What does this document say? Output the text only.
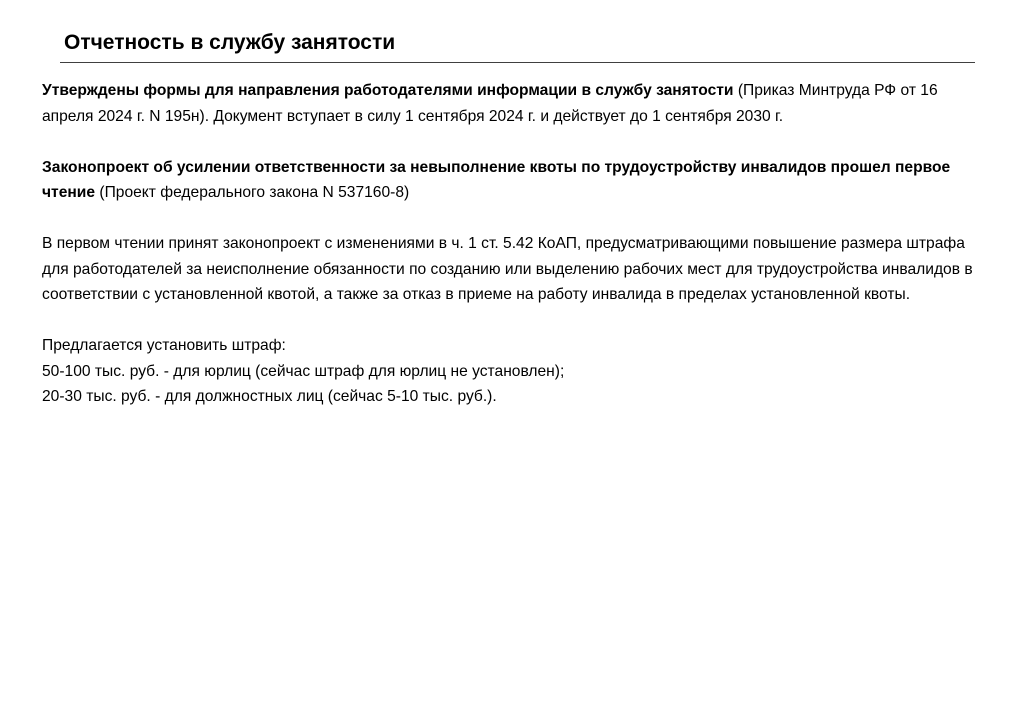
Отчетность в службу занятости

Утверждены формы для направления работодателями информации в службу занятости (Приказ Минтруда РФ от 16 апреля 2024 г. N 195н). Документ вступает в силу 1 сентября 2024 г. и действует до 1 сентября 2030 г.

Законопроект об усилении ответственности за невыполнение квоты по трудоустройству инвалидов прошел первое чтение (Проект федерального закона N 537160-8)

В первом чтении принят законопроект с изменениями в ч. 1 ст. 5.42 КоАП, предусматривающими повышение размера штрафа для работодателей за неисполнение обязанности по созданию или выделению рабочих мест для трудоустройства инвалидов в соответствии с установленной квотой, а также за отказ в приеме на работу инвалида в пределах установленной квоты.

Предлагается установить штраф:
50-100 тыс. руб. - для юрлиц (сейчас штраф для юрлиц не установлен);
20-30 тыс. руб. - для должностных лиц (сейчас 5-10 тыс. руб.).
